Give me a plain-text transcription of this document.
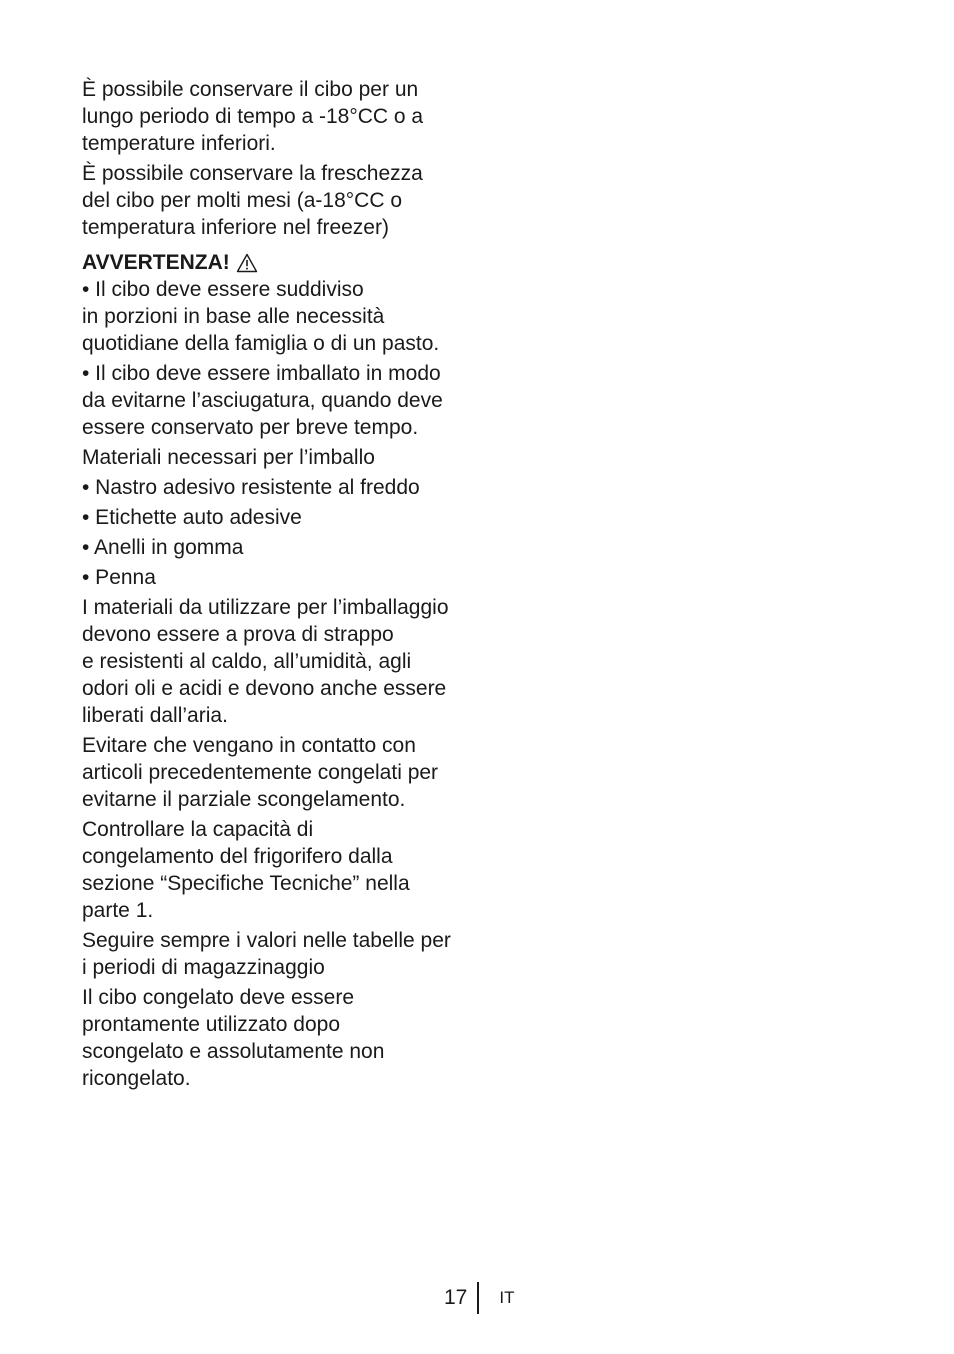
È possibile conservare il cibo per un
lungo periodo di tempo a -18°CC o a
temperature inferiori.

È possibile conservare la freschezza
del cibo per molti mesi (a-18°CC o
temperatura inferiore nel freezer)

AVVERTENZA!

• Il cibo deve essere suddiviso
in porzioni in base alle necessità
quotidiane della famiglia o di un pasto.

• Il cibo deve essere imballato in modo
da evitarne l’asciugatura, quando deve
essere conservato per breve tempo.

Materiali necessari per l’imballo

• Nastro adesivo resistente al freddo

• Etichette auto adesive

• Anelli in gomma

• Penna

I materiali da utilizzare per l’imballaggio
devono essere a prova di strappo
e resistenti al caldo, all’umidità, agli
odori oli e acidi e devono anche essere
liberati dall’aria.

Evitare che vengano in contatto con
articoli precedentemente congelati per
evitarne il parziale scongelamento.

Controllare la capacità di
congelamento del frigorifero dalla
sezione “Specifiche Tecniche” nella
parte 1.

Seguire sempre i valori nelle tabelle per
i periodi di magazzinaggio

Il cibo congelato deve essere
prontamente utilizzato dopo
scongelato e assolutamente non
ricongelato.

17 IT
